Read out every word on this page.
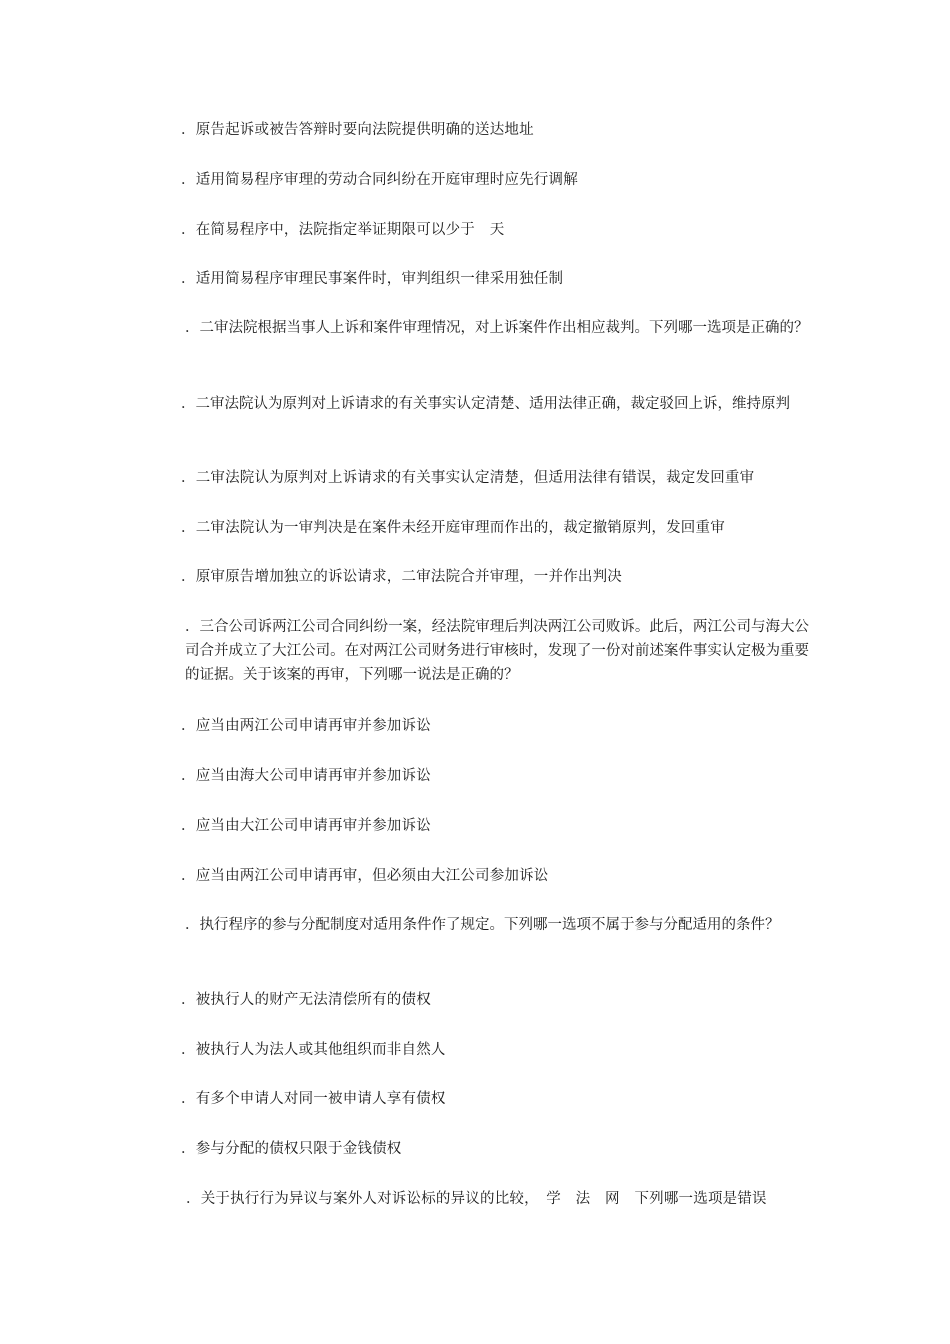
．原告起诉或被告答辩时要向法院提供明确的送达地址
．适用简易程序审理的劳动合同纠纷在开庭审理时应先行调解
．在简易程序中，法院指定举证期限可以少于　天
．适用简易程序审理民事案件时，审判组织一律采用独任制
．二审法院根据当事人上诉和案件审理情况，对上诉案件作出相应裁判。下列哪一选项是正确的？
．二审法院认为原判对上诉请求的有关事实认定清楚、适用法律正确，裁定驳回上诉，维持原判
．二审法院认为原判对上诉请求的有关事实认定清楚，但适用法律有错误，裁定发回重审
．二审法院认为一审判决是在案件未经开庭审理而作出的，裁定撤销原判，发回重审
．原审原告增加独立的诉讼请求，二审法院合并审理，一并作出判决
．三合公司诉两江公司合同纠纷一案，经法院审理后判决两江公司败诉。此后，两江公司与海大公司合并成立了大江公司。在对两江公司财务进行审核时，发现了一份对前述案件事实认定极为重要的证据。关于该案的再审，下列哪一说法是正确的？
．应当由两江公司申请再审并参加诉讼
．应当由海大公司申请再审并参加诉讼
．应当由大江公司申请再审并参加诉讼
．应当由两江公司申请再审，但必须由大江公司参加诉讼
．执行程序的参与分配制度对适用条件作了规定。下列哪一选项不属于参与分配适用的条件？
．被执行人的财产无法清偿所有的债权
．被执行人为法人或其他组织而非自然人
．有多个申请人对同一被申请人享有债权
．参与分配的债权只限于金钱债权
．关于执行行为异议与案外人对诉讼标的异议的比较，　学　法　网　下列哪一选项是错误
